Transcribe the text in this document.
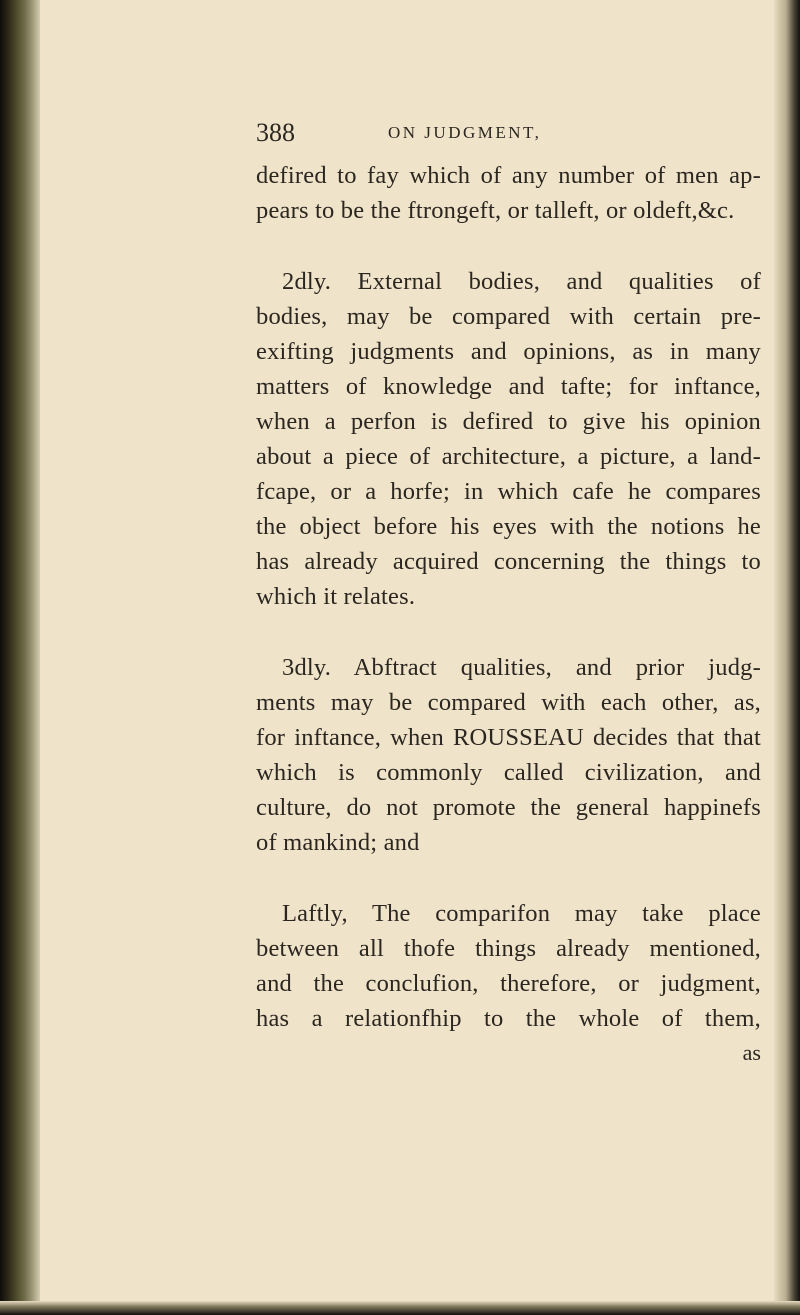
388	ON JUDGMENT,

defired to fay which of any number of men ap-
pears to be the ftrongeft, or talleft, or oldeft,&c.

2dly. External bodies, and qualities of
bodies, may be compared with certain pre-
exifting judgments and opinions, as in many
matters of knowledge and tafte; for inftance,
when a perfon is defired to give his opinion
about a piece of architecture, a picture, a land-
fcape, or a horfe; in which cafe he compares
the object before his eyes with the notions he
has already acquired concerning the things to
which it relates.

3dly. Abftract qualities, and prior judg-
ments may be compared with each other, as,
for inftance, when ROUSSEAU decides that that
which is commonly called civilization, and
culture, do not promote the general happinefs
of mankind; and

Laftly, The comparifon may take place
between all thofe things already mentioned,
and the conclufion, therefore, or judgment,
has a relationfhip to the whole of them,

as
